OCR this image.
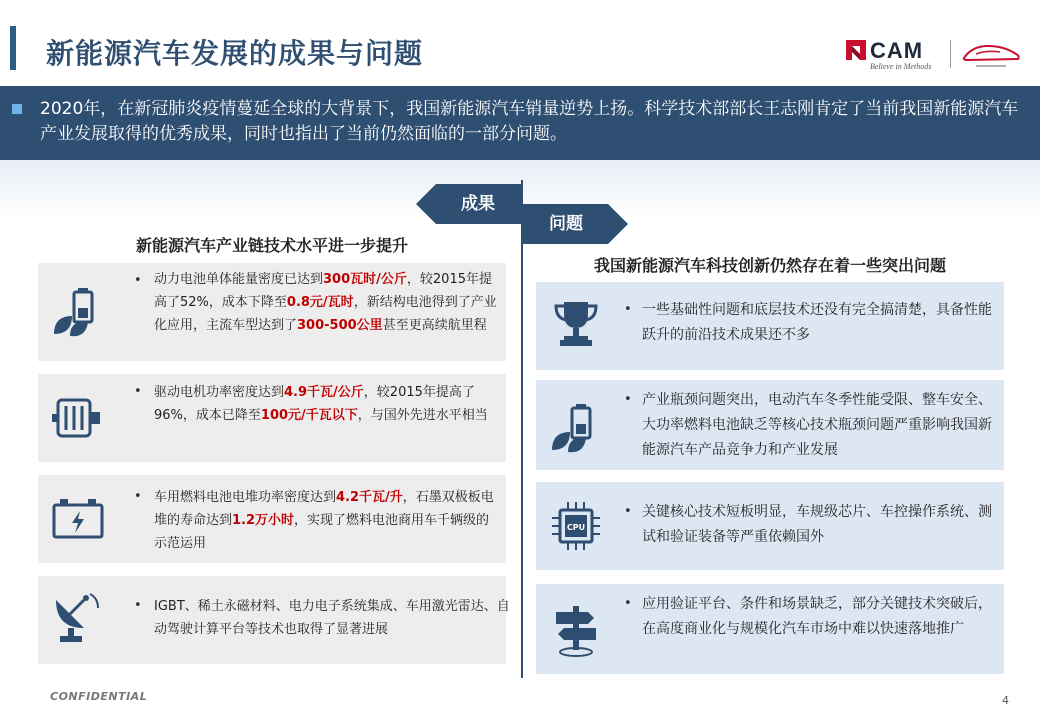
新能源汽车发展的成果与问题	CAM
Believe in Methods
2020年，在新冠肺炎疫情蔓延全球的大背景下，我国新能源汽车销量逆势上扬。科学技术部部长王志刚肯定了当前我国新能源汽车产业发展取得的优秀成果，同时也指出了当前仍然面临的一部分问题。
成果
问题
新能源汽车产业链技术水平进一步提升
我国新能源汽车科技创新仍然存在着一些突出问题
• 动力电池单体能量密度已达到300瓦时/公斤，较2015年提高了52%，成本下降至0.8元/瓦时，新结构电池得到了产业化应用，主流车型达到了300-500公里甚至更高续航里程
• 驱动电机功率密度达到4.9千瓦/公斤，较2015年提高了96%，成本已降至100元/千瓦以下，与国外先进水平相当
• 车用燃料电池电堆功率密度达到4.2千瓦/升，石墨双极板电堆的寿命达到1.2万小时，实现了燃料电池商用车千辆级的示范运用
• IGBT、稀土永磁材料、电力电子系统集成、车用激光雷达、自动驾驶计算平台等技术也取得了显著进展
• 一些基础性问题和底层技术还没有完全搞清楚，具备性能跃升的前沿技术成果还不多
• 产业瓶颈问题突出，电动汽车冬季性能受限、整车安全、大功率燃料电池缺乏等核心技术瓶颈问题严重影响我国新能源汽车产品竞争力和产业发展
CPU
• 关键核心技术短板明显，车规级芯片、车控操作系统、测试和验证装备等严重依赖国外
• 应用验证平台、条件和场景缺乏，部分关键技术突破后，在高度商业化与规模化汽车市场中难以快速落地推广
CONFIDENTIAL	4
